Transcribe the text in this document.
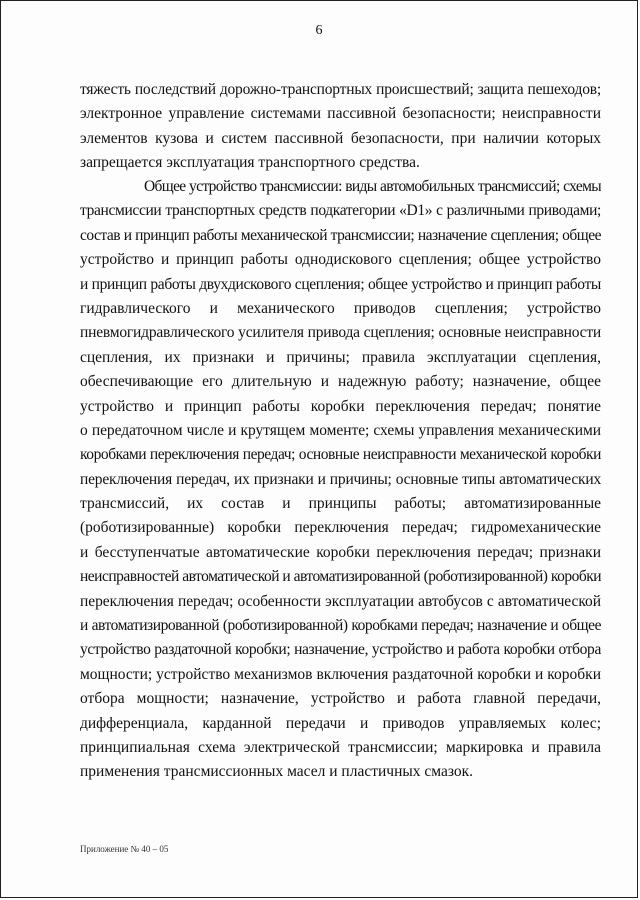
6
тяжесть последствий дорожно-транспортных происшествий; защита пешеходов;
электронное управление системами пассивной безопасности; неисправности
элементов кузова и систем пассивной безопасности, при наличии которых
запрещается эксплуатация транспортного средства.
Общее устройство трансмиссии: виды автомобильных трансмиссий; схемы
трансмиссии транспортных средств подкатегории «D1» с различными приводами;
состав и принцип работы механической трансмиссии; назначение сцепления; общее
устройство и принцип работы однодискового сцепления; общее устройство
и принцип работы двухдискового сцепления; общее устройство и принцип работы
гидравлического и механического приводов сцепления; устройство
пневмогидравлического усилителя привода сцепления; основные неисправности
сцепления, их признаки и причины; правила эксплуатации сцепления,
обеспечивающие его длительную и надежную работу; назначение, общее
устройство и принцип работы коробки переключения передач; понятие
о передаточном числе и крутящем моменте; схемы управления механическими
коробками переключения передач; основные неисправности механической коробки
переключения передач, их признаки и причины; основные типы автоматических
трансмиссий, их состав и принципы работы; автоматизированные
(роботизированные) коробки переключения передач; гидромеханические
и бесступенчатые автоматические коробки переключения передач; признаки
неисправностей автоматической и автоматизированной (роботизированной) коробки
переключения передач; особенности эксплуатации автобусов с автоматической
и автоматизированной (роботизированной) коробками передач; назначение и общее
устройство раздаточной коробки; назначение, устройство и работа коробки отбора
мощности; устройство механизмов включения раздаточной коробки и коробки
отбора мощности; назначение, устройство и работа главной передачи,
дифференциала, карданной передачи и приводов управляемых колес;
принципиальная схема электрической трансмиссии; маркировка и правила
применения трансмиссионных масел и пластичных смазок.
Приложение № 40 – 05
